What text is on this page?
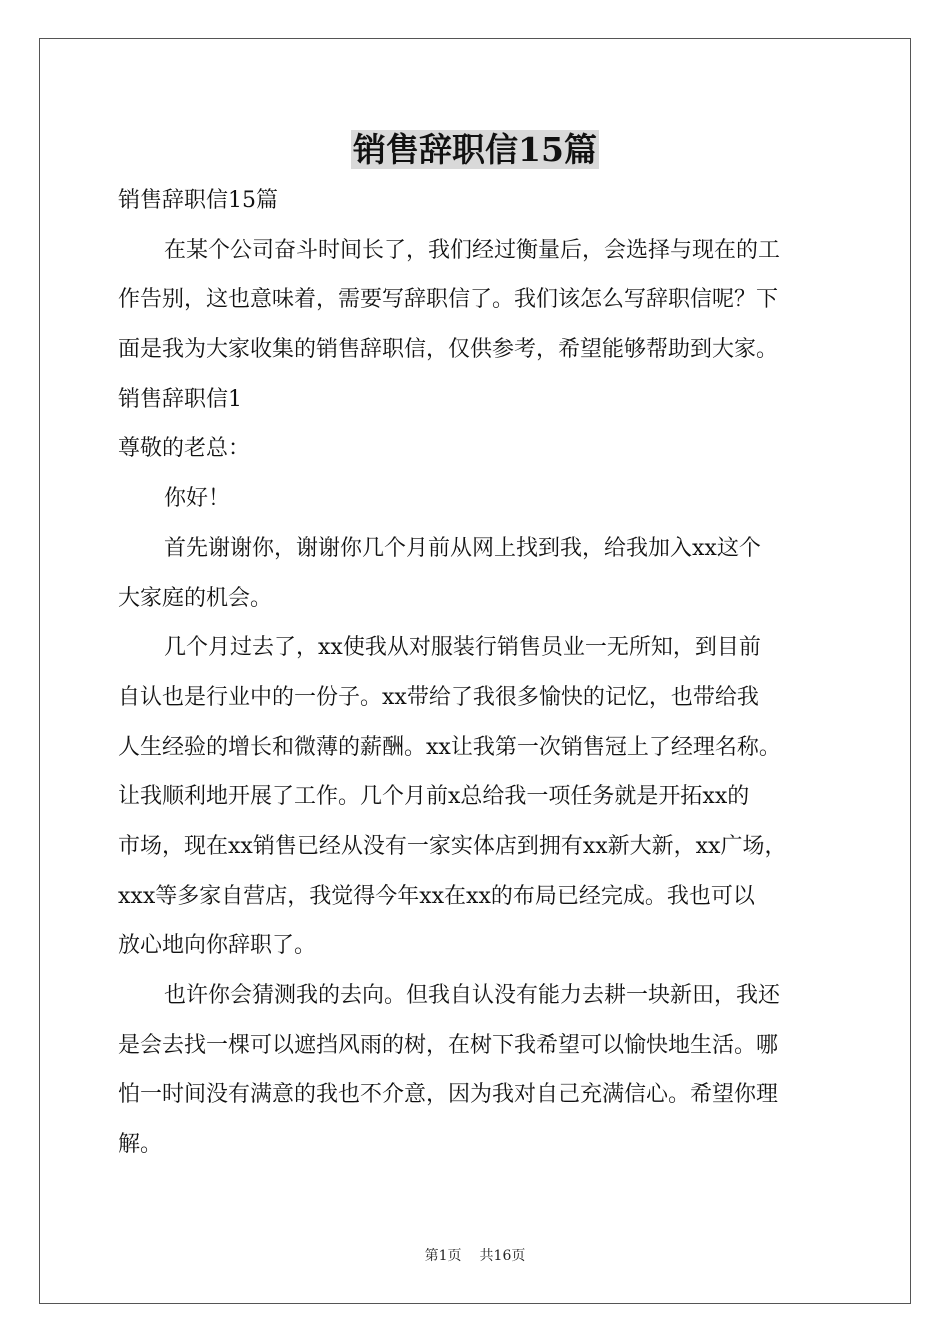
销售辞职信15篇
销售辞职信15篇
在某个公司奋斗时间长了，我们经过衡量后，会选择与现在的工
作告别，这也意味着，需要写辞职信了。我们该怎么写辞职信呢？下
面是我为大家收集的销售辞职信，仅供参考，希望能够帮助到大家。
销售辞职信1
尊敬的老总：
你好！
首先谢谢你，谢谢你几个月前从网上找到我，给我加入xx这个
大家庭的机会。
几个月过去了，xx使我从对服装行销售员业一无所知，到目前
自认也是行业中的一份子。xx带给了我很多愉快的记忆，也带给我
人生经验的增长和微薄的薪酬。xx让我第一次销售冠上了经理名称。
让我顺利地开展了工作。几个月前x总给我一项任务就是开拓xx的
市场，现在xx销售已经从没有一家实体店到拥有xx新大新，xx广场，
xxx等多家自营店，我觉得今年xx在xx的布局已经完成。我也可以
放心地向你辞职了。
也许你会猜测我的去向。但我自认没有能力去耕一块新田，我还
是会去找一棵可以遮挡风雨的树，在树下我希望可以愉快地生活。哪
怕一时间没有满意的我也不介意，因为我对自己充满信心。希望你理
解。
第1页 共16页
